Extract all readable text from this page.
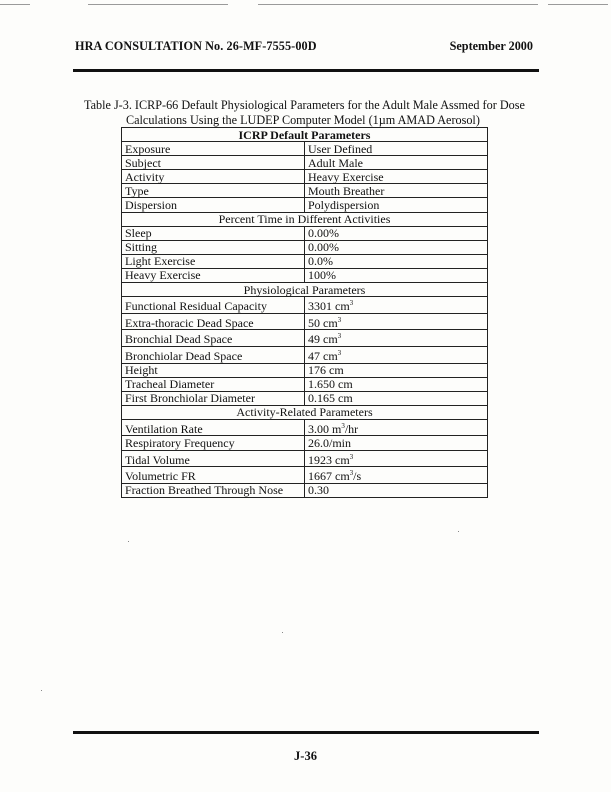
HRA CONSULTATION No. 26-MF-7555-00D	September 2000
Table J-3. ICRP-66 Default Physiological Parameters for the Adult Male Assmed for Dose
Calculations Using the LUDEP Computer Model (1µm AMAD Aerosol)
ICRP Default Parameters	
Exposure	User Defined
Subject	Adult Male
Activity	Heavy Exercise
Type	Mouth Breather
Dispersion	Polydispersion
Percent Time in Different Activities	
Sleep	0.00%
Sitting	0.00%
Light Exercise	0.0%
Heavy Exercise	100%
Physiological Parameters	
Functional Residual Capacity	3301 $cm^3$
Extra-thoracic Dead Space	50 $cm^3$
Bronchial Dead Space	49 $cm^3$
Bronchiolar Dead Space	47 $cm^3$
Height	176 cm
Tracheal Diameter	1.650 cm
First Bronchiolar Diameter	0.165 cm
Activity-Related Parameters	
Ventilation Rate	3.00 $m^3/hr$
Respiratory Frequency	26.0/min
Tidal Volume	1923 $cm^3$
Volumetric FR	1667 $cm^3/s$
Fraction Breathed Through Nose	0.30
J-36
